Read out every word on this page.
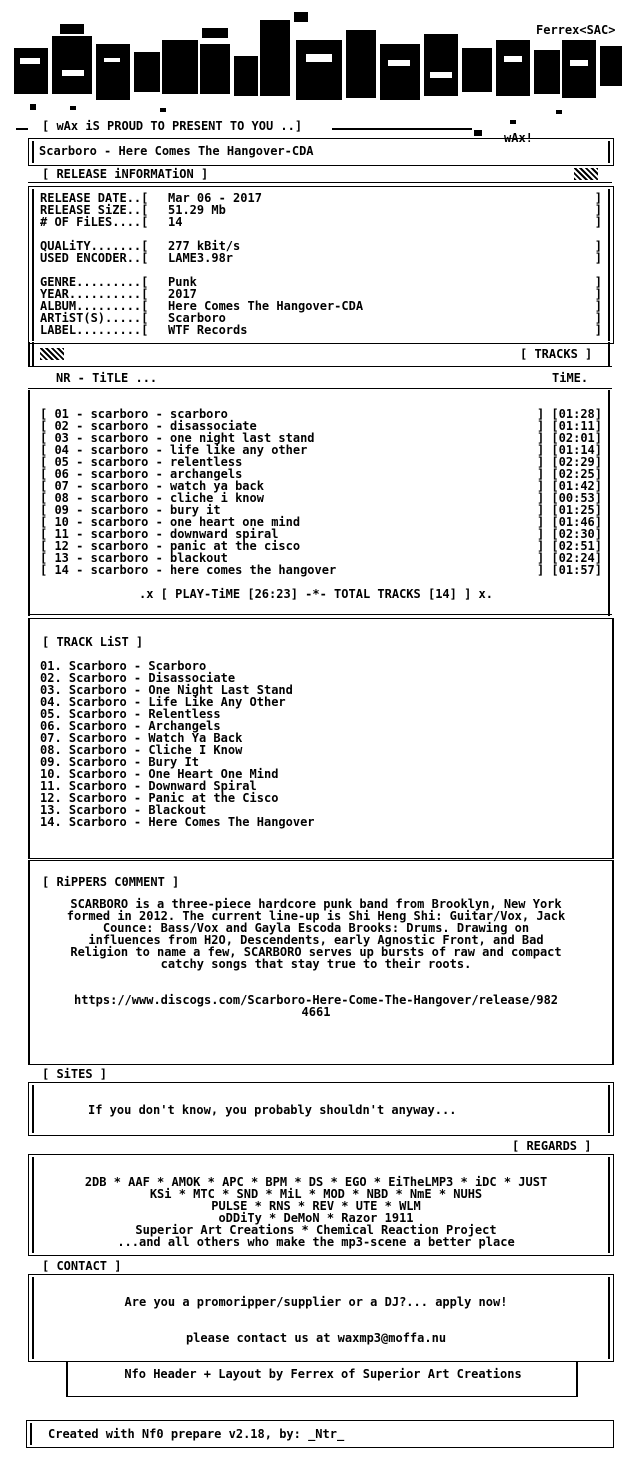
Ferrex<SAC>
[ wAx iS PROUD TO PRESENT TO YOU ..]
wAx!
Scarboro - Here Comes The Hangover-CDA
[ RELEASE iNFORMATiON ]
RELEASE DATE..[ Mar 06 - 2017	]
RELEASE SiZE..[ 51.29 Mb	]
# OF FiLES....[ 14	]
QUALiTY.......[ 277 kBit/s	]
USED ENCODER..[ LAME3.98r	]
GENRE.........[ Punk	]
YEAR..........[ 2017	]
ALBUM.........[ Here Comes The Hangover-CDA	]
ARTiST(S).....[ Scarboro	]
LABEL.........[ WTF Records	]
[ TRACKS ]
NR - TiTLE ...	TiME.
[ 01 - scarboro - scarboro	] [01:28]
[ 02 - scarboro - disassociate	] [01:11]
[ 03 - scarboro - one night last stand	] [02:01]
[ 04 - scarboro - life like any other	] [01:14]
[ 05 - scarboro - relentless	] [02:29]
[ 06 - scarboro - archangels	] [02:25]
[ 07 - scarboro - watch ya back	] [01:42]
[ 08 - scarboro - cliche i know	] [00:53]
[ 09 - scarboro - bury it	] [01:25]
[ 10 - scarboro - one heart one mind	] [01:46]
[ 11 - scarboro - downward spiral	] [02:30]
[ 12 - scarboro - panic at the cisco	] [02:51]
[ 13 - scarboro - blackout	] [02:24]
[ 14 - scarboro - here comes the hangover	] [01:57]
.x [ PLAY-TiME [26:23] -*- TOTAL TRACKS [14] ] x.
[ TRACK LiST ]
01. Scarboro - Scarboro
02. Scarboro - Disassociate
03. Scarboro - One Night Last Stand
04. Scarboro - Life Like Any Other
05. Scarboro - Relentless
06. Scarboro - Archangels
07. Scarboro - Watch Ya Back
08. Scarboro - Cliche I Know
09. Scarboro - Bury It
10. Scarboro - One Heart One Mind
11. Scarboro - Downward Spiral
12. Scarboro - Panic at the Cisco
13. Scarboro - Blackout
14. Scarboro - Here Comes The Hangover
[ RiPPERS C0MMENT ]
SCARBORO is a three-piece hardcore punk band from Brooklyn, New York
formed in 2012. The current line-up is Shi Heng Shi: Guitar/Vox, Jack
Counce: Bass/Vox and Gayla Escoda Brooks: Drums. Drawing on
influences from H2O, Descendents, early Agnostic Front, and Bad
Religion to name a few, SCARBORO serves up bursts of raw and compact
catchy songs that stay true to their roots.
https://www.discogs.com/Scarboro-Here-Come-The-Hangover/release/982
4661
[ SiTES ]
If you don't know, you probably shouldn't anyway...
[ REGARDS ]
2DB * AAF * AMOK * APC * BPM * DS * EGO * EiTheLMP3 * iDC * JUST
KSi * MTC * SND * MiL * MOD * NBD * NmE * NUHS
PULSE * RNS * REV * UTE * WLM
oDDiTy * DeMoN * Razor 1911
Superior Art Creations * Chemical Reaction Project
...and all others who make the mp3-scene a better place
[ CONTACT ]
Are you a promoripper/supplier or a DJ?... apply now!
please contact us at waxmp3@moffa.nu
Nfo Header + Layout by Ferrex of Superior Art Creations
Created with Nf0 prepare v2.18, by: _Ntr_
